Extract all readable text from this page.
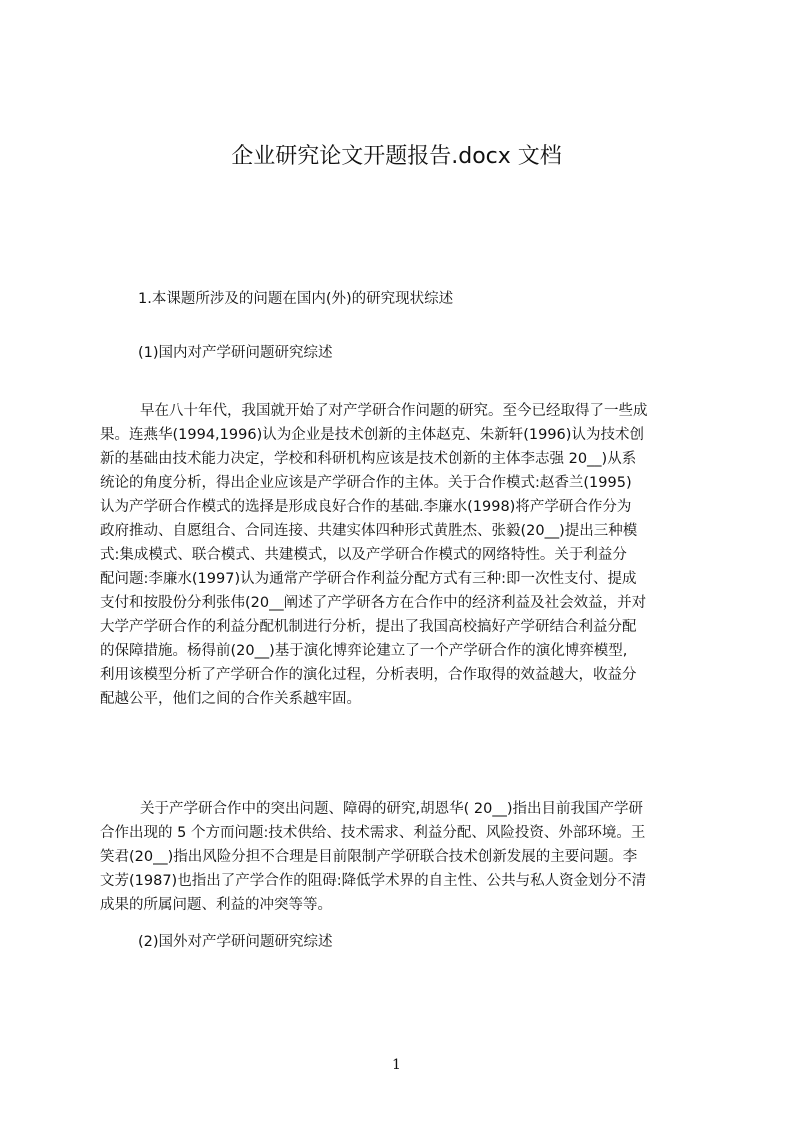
企业研究论文开题报告.docx 文档

1.本课题所涉及的问题在国内(外)的研究现状综述

(1)国内对产学研问题研究综述

早在八十年代，我国就开始了对产学研合作问题的研究。至今已经取得了一些成
果。连燕华(1994,1996)认为企业是技术创新的主体赵克、朱新轩(1996)认为技术创
新的基础由技术能力决定，学校和科研机构应该是技术创新的主体李志强 20__)从系
统论的角度分析，得出企业应该是产学研合作的主体。关于合作模式:赵香兰(1995)
认为产学研合作模式的选择是形成良好合作的基础.李廉水(1998)将产学研合作分为
政府推动、自愿组合、合同连接、共建实体四种形式黄胜杰、张毅(20__)提出三种模
式:集成模式、联合模式、共建模式，以及产学研合作模式的网络特性。关于利益分
配问题:李廉水(1997)认为通常产学研合作利益分配方式有三种:即一次性支付、提成
支付和按股份分利张伟(20__阐述了产学研各方在合作中的经济利益及社会效益，并对
大学产学研合作的利益分配机制进行分析，提出了我国高校搞好产学研结合利益分配
的保障措施。杨得前(20__)基于演化博弈论建立了一个产学研合作的演化博弈模型,
利用该模型分析了产学研合作的演化过程，分析表明，合作取得的效益越大，收益分
配越公平，他们之间的合作关系越牢固。
关于产学研合作中的突出问题、障碍的研究,胡恩华( 20__)指出目前我国产学研
合作出现的 5 个方而问题:技术供给、技术需求、利益分配、风险投资、外部环境。王
笑君(20__)指出风险分担不合理是目前限制产学研联合技术创新发展的主要问题。李
文芳(1987)也指出了产学合作的阻碍:降低学术界的自主性、公共与私人资金划分不清
成果的所属问题、利益的冲突等等。

(2)国外对产学研问题研究综述

1
